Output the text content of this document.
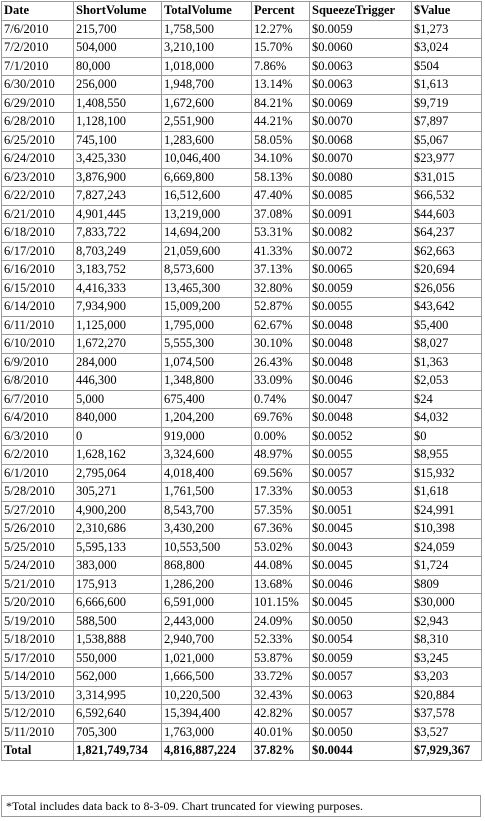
Date	ShortVolume	TotalVolume	Percent	SqueezeTrigger	$Value
7/6/2010	215,700	1,758,500	12.27%	$0.0059	$1,273
7/2/2010	504,000	3,210,100	15.70%	$0.0060	$3,024
7/1/2010	80,000	1,018,000	7.86%	$0.0063	$504
6/30/2010	256,000	1,948,700	13.14%	$0.0063	$1,613
6/29/2010	1,408,550	1,672,600	84.21%	$0.0069	$9,719
6/28/2010	1,128,100	2,551,900	44.21%	$0.0070	$7,897
6/25/2010	745,100	1,283,600	58.05%	$0.0068	$5,067
6/24/2010	3,425,330	10,046,400	34.10%	$0.0070	$23,977
6/23/2010	3,876,900	6,669,800	58.13%	$0.0080	$31,015
6/22/2010	7,827,243	16,512,600	47.40%	$0.0085	$66,532
6/21/2010	4,901,445	13,219,000	37.08%	$0.0091	$44,603
6/18/2010	7,833,722	14,694,200	53.31%	$0.0082	$64,237
6/17/2010	8,703,249	21,059,600	41.33%	$0.0072	$62,663
6/16/2010	3,183,752	8,573,600	37.13%	$0.0065	$20,694
6/15/2010	4,416,333	13,465,300	32.80%	$0.0059	$26,056
6/14/2010	7,934,900	15,009,200	52.87%	$0.0055	$43,642
6/11/2010	1,125,000	1,795,000	62.67%	$0.0048	$5,400
6/10/2010	1,672,270	5,555,300	30.10%	$0.0048	$8,027
6/9/2010	284,000	1,074,500	26.43%	$0.0048	$1,363
6/8/2010	446,300	1,348,800	33.09%	$0.0046	$2,053
6/7/2010	5,000	675,400	0.74%	$0.0047	$24
6/4/2010	840,000	1,204,200	69.76%	$0.0048	$4,032
6/3/2010	0	919,000	0.00%	$0.0052	$0
6/2/2010	1,628,162	3,324,600	48.97%	$0.0055	$8,955
6/1/2010	2,795,064	4,018,400	69.56%	$0.0057	$15,932
5/28/2010	305,271	1,761,500	17.33%	$0.0053	$1,618
5/27/2010	4,900,200	8,543,700	57.35%	$0.0051	$24,991
5/26/2010	2,310,686	3,430,200	67.36%	$0.0045	$10,398
5/25/2010	5,595,133	10,553,500	53.02%	$0.0043	$24,059
5/24/2010	383,000	868,800	44.08%	$0.0045	$1,724
5/21/2010	175,913	1,286,200	13.68%	$0.0046	$809
5/20/2010	6,666,600	6,591,000	101.15%	$0.0045	$30,000
5/19/2010	588,500	2,443,000	24.09%	$0.0050	$2,943
5/18/2010	1,538,888	2,940,700	52.33%	$0.0054	$8,310
5/17/2010	550,000	1,021,000	53.87%	$0.0059	$3,245
5/14/2010	562,000	1,666,500	33.72%	$0.0057	$3,203
5/13/2010	3,314,995	10,220,500	32.43%	$0.0063	$20,884
5/12/2010	6,592,640	15,394,400	42.82%	$0.0057	$37,578
5/11/2010	705,300	1,763,000	40.01%	$0.0050	$3,527
Total	1,821,749,734	4,816,887,224	37.82%	$0.0044	$7,929,367
*Total includes data back to 8-3-09. Chart truncated for viewing purposes.
